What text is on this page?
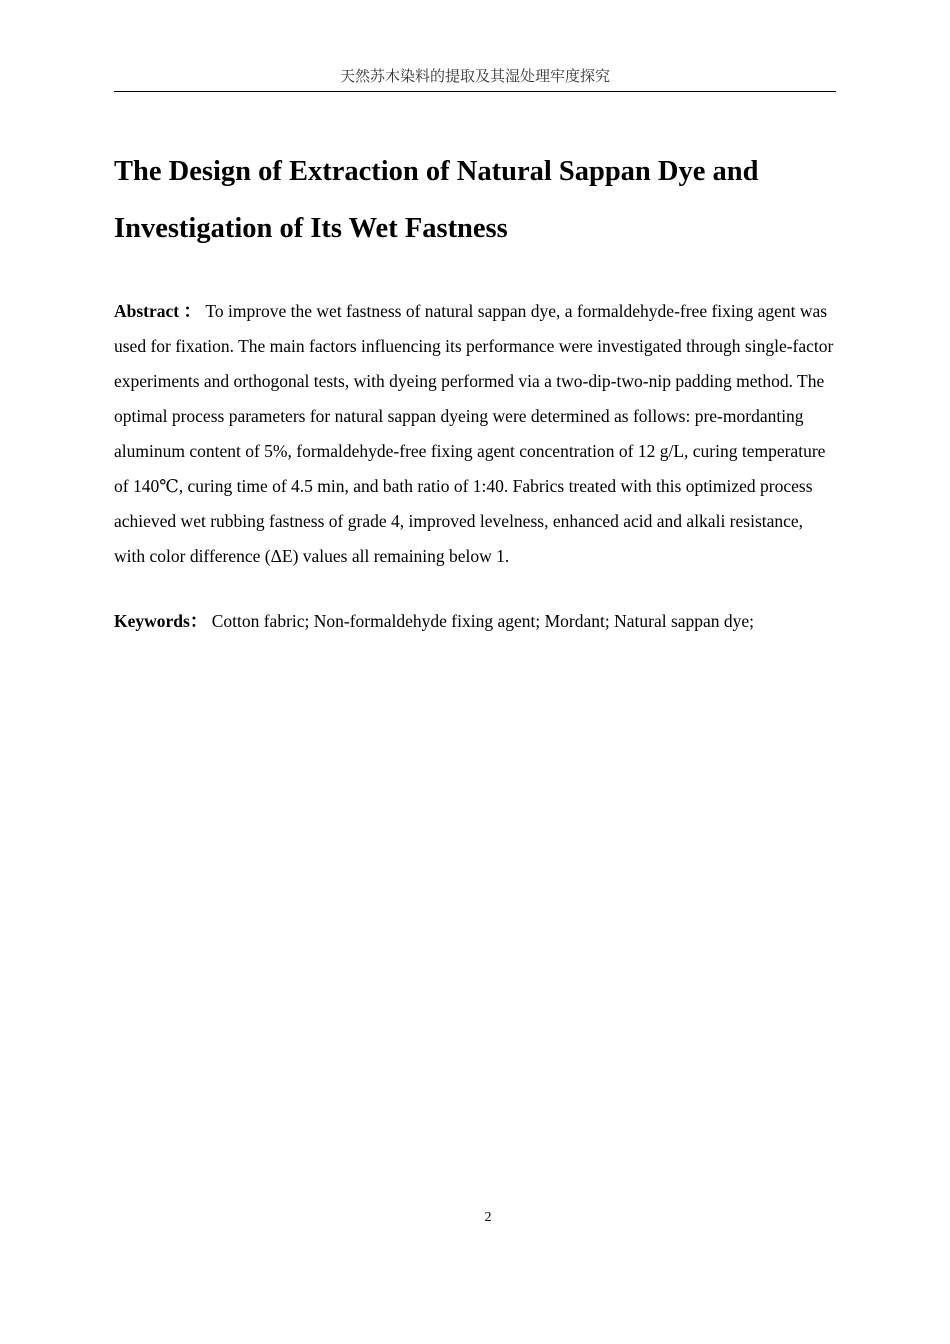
天然苏木染料的提取及其湿处理牢度探究
The Design of Extraction of Natural Sappan Dye and Investigation of Its Wet Fastness

Abstract ： To improve the wet fastness of natural sappan dye, a formaldehyde-free fixing agent was used for fixation. The main factors influencing its performance were investigated through single-factor experiments and orthogonal tests, with dyeing performed via a two-dip-two-nip padding method. The optimal process parameters for natural sappan dyeing were determined as follows: pre-mordanting aluminum content of 5%, formaldehyde-free fixing agent concentration of 12 g/L, curing temperature of 140℃, curing time of 4.5 min, and bath ratio of 1:40. Fabrics treated with this optimized process achieved wet rubbing fastness of grade 4, improved levelness, enhanced acid and alkali resistance, with color difference (ΔE) values all remaining below 1.

Keywords： Cotton fabric; Non-formaldehyde fixing agent; Mordant; Natural sappan dye;

2
